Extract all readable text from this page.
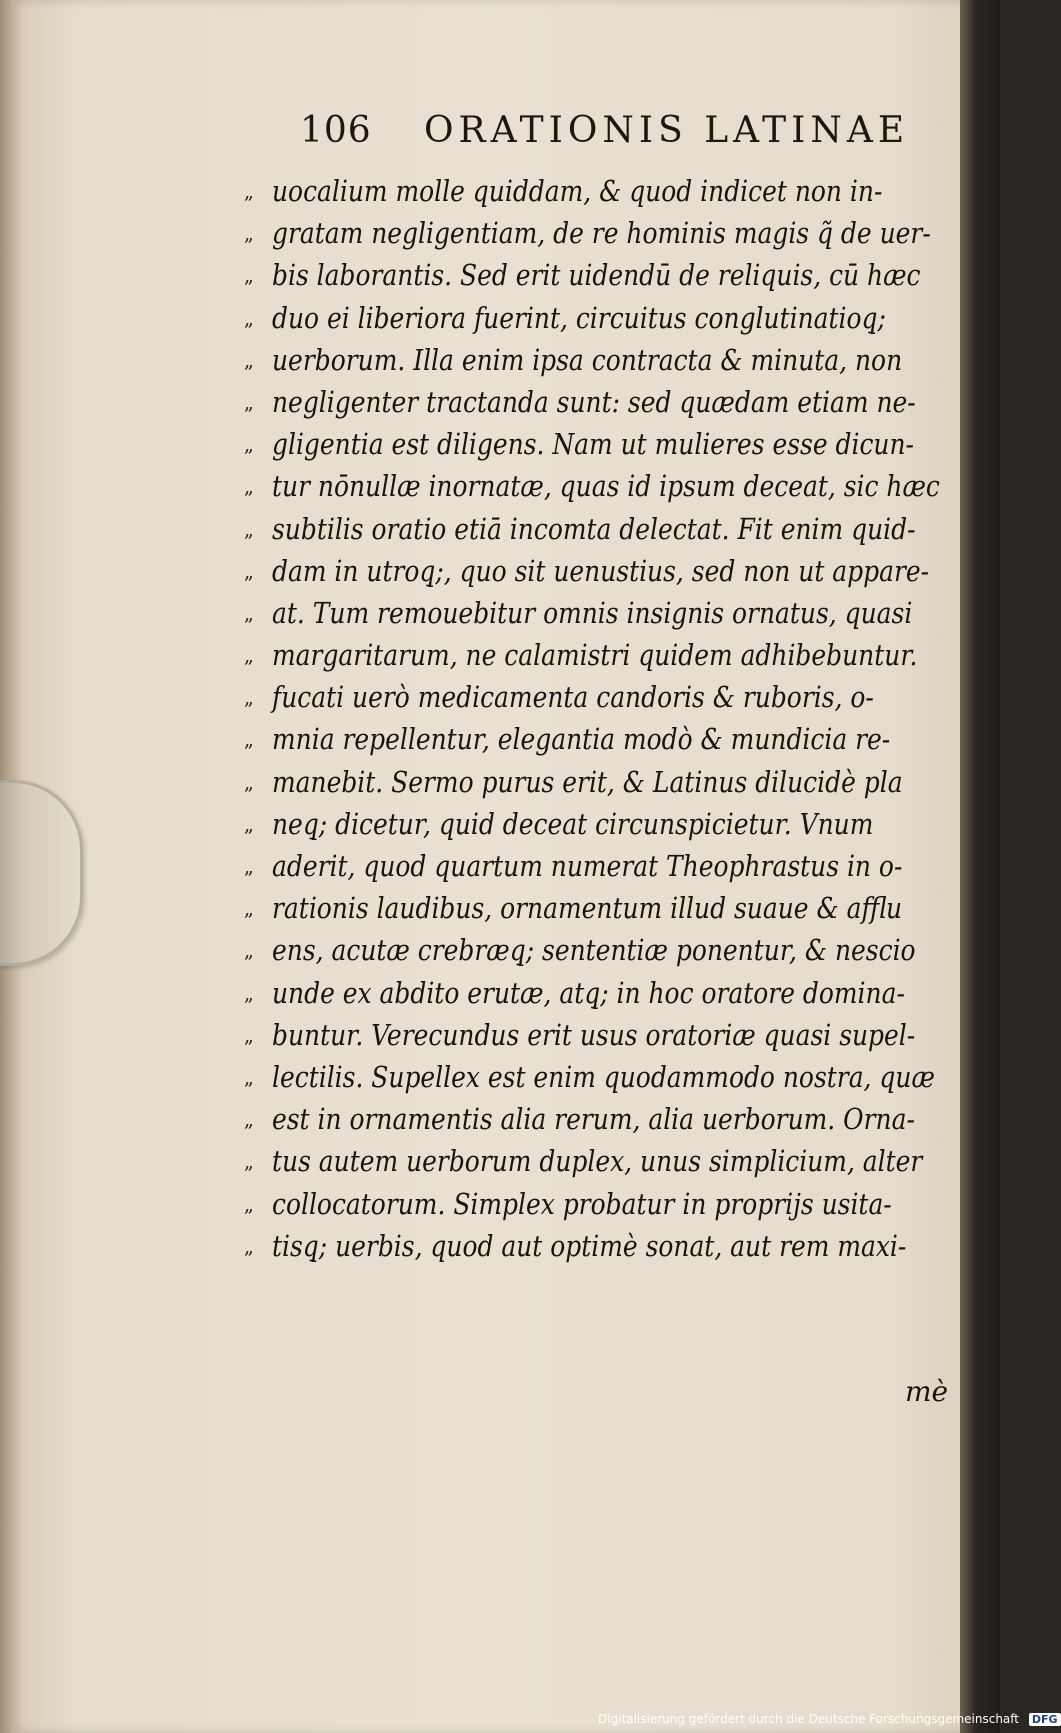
106 ORATIONIS LATINAE
„ uocalium molle quiddam, & quod indicet non in-
„ gratam negligentiam, de re hominis magis q̃ de uer-
„ bis laborantis. Sed erit uidendū de reliquis, cū hæc
„ duo ei liberiora fuerint, circuitus conglutinatioq̧;
„ uerborum. Illa enim ipsa contracta & minuta, non
„ negligenter tractanda sunt: sed quædam etiam ne-
„ gligentia est diligens. Nam ut mulieres esse dicun-
„ tur nōnullæ inornatæ, quas id ipsum deceat, sic hæc
„ subtilis oratio etiā incomta delectat. Fit enim quid-
„ dam in utroq̧;, quo sit uenustius, sed non ut appare-
„ at. Tum remouebitur omnis insignis ornatus, quasi
„ margaritarum, ne calamistri quidem adhibebuntur.
„ fucati uerò medicamenta candoris & ruboris, o-
„ mnia repellentur, elegantia modò & mundicia re-
„ manebit. Sermo purus erit, & Latinus dilucidè pla
„ neq̧; dicetur, quid deceat circunspicietur. Vnum
„ aderit, quod quartum numerat Theophrastus in o-
„ rationis laudibus, ornamentum illud suaue & afflu
„ ens, acutæ crebræq̧; sententiæ ponentur, & nescio
„ unde ex abdito erutæ, atq̧; in hoc oratore domina-
„ buntur. Verecundus erit usus oratoriæ quasi supel-
„ lectilis. Supellex est enim quodammodo nostra, quæ
„ est in ornamentis alia rerum, alia uerborum. Orna-
„ tus autem uerborum duplex, unus simplicium, alter
„ collocatorum. Simplex probatur in proprijs usita-
„ tisq̧; uerbis, quod aut optimè sonat, aut rem maxi-
mè
Digitalisierung gefördert durch die Deutsche Forschungsgemeinschaft DFG
